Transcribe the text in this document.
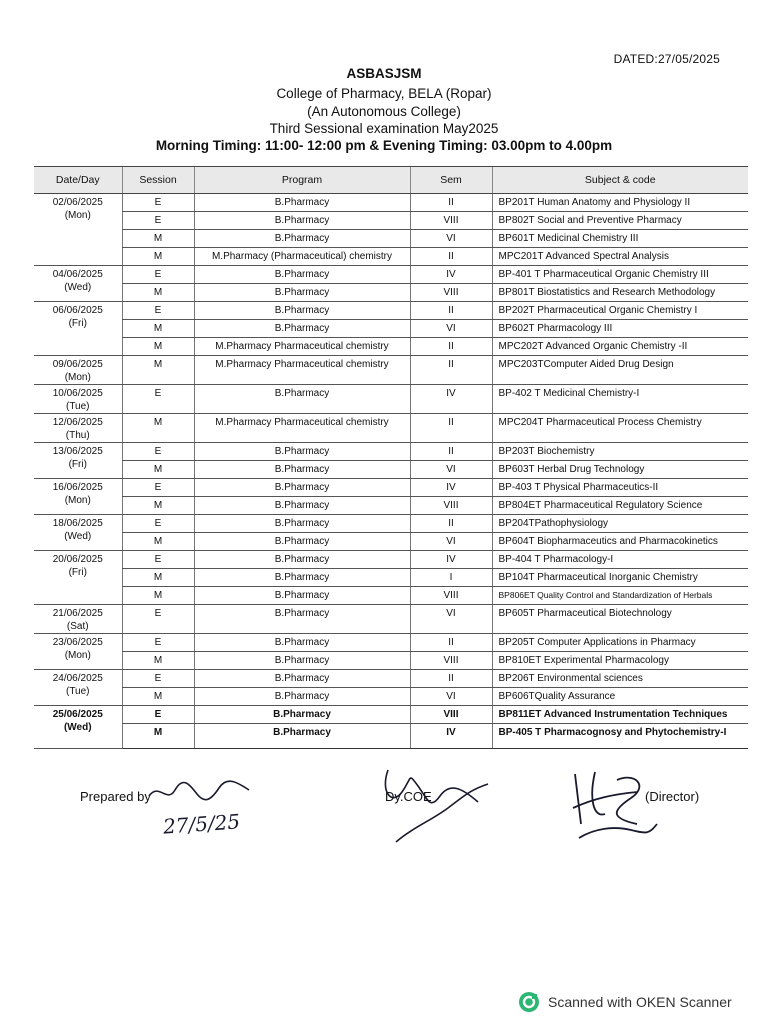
DATED:27/05/2025
ASBASJSM
College of Pharmacy, BELA (Ropar)
(An Autonomous College)
Third Sessional examination May2025
Morning Timing: 11:00- 12:00 pm & Evening Timing: 03.00pm to 4.00pm
Date/Day	Session	Program	Sem	Subject & code

02/06/2025
(Mon)	E	B.Pharmacy	II	BP201T Human Anatomy and Physiology II
	E	B.Pharmacy	VIII	BP802T Social and Preventive Pharmacy
	M	B.Pharmacy	VI	BP601T Medicinal Chemistry III
	M	M.Pharmacy (Pharmaceutical) chemistry	II	MPC201T Advanced Spectral Analysis

04/06/2025
(Wed)	E	B.Pharmacy	IV	BP-401 T Pharmaceutical Organic Chemistry III
	M	B.Pharmacy	VIII	BP801T Biostatistics and Research Methodology

06/06/2025
(Fri)	E	B.Pharmacy	II	BP202T Pharmaceutical Organic Chemistry I
	M	B.Pharmacy	VI	BP602T Pharmacology III
	M	M.Pharmacy Pharmaceutical chemistry	II	MPC202T Advanced Organic Chemistry -II

09/06/2025
(Mon)	M	M.Pharmacy Pharmaceutical chemistry	II	MPC203TComputer Aided Drug Design

10/06/2025
(Tue)	E	B.Pharmacy	IV	BP-402 T Medicinal Chemistry-I

12/06/2025
(Thu)	M	M.Pharmacy Pharmaceutical chemistry	II	MPC204T Pharmaceutical Process Chemistry

13/06/2025
(Fri)	E	B.Pharmacy	II	BP203T Biochemistry
	M	B.Pharmacy	VI	BP603T Herbal Drug Technology

16/06/2025
(Mon)	E	B.Pharmacy	IV	BP-403 T Physical Pharmaceutics-II
	M	B.Pharmacy	VIII	BP804ET Pharmaceutical Regulatory Science

18/06/2025
(Wed)	E	B.Pharmacy	II	BP204TPathophysiology
	M	B.Pharmacy	VI	BP604T Biopharmaceutics and Pharmacokinetics

20/06/2025
(Fri)	E	B.Pharmacy	IV	BP-404 T Pharmacology-I
	M	B.Pharmacy	I	BP104T Pharmaceutical Inorganic Chemistry
	M	B.Pharmacy	VIII	BP806ET Quality Control and Standardization of Herbals

21/06/2025
(Sat)	E	B.Pharmacy	VI	BP605T Pharmaceutical Biotechnology

23/06/2025
(Mon)	E	B.Pharmacy	II	BP205T Computer Applications in Pharmacy
	M	B.Pharmacy	VIII	BP810ET Experimental Pharmacology

24/06/2025
(Tue)	E	B.Pharmacy	II	BP206T Environmental sciences
	M	B.Pharmacy	VI	BP606TQuality Assurance

25/06/2025
(Wed)	E	B.Pharmacy	VIII	BP811ET Advanced Instrumentation Techniques
	M	B.Pharmacy	IV	BP-405 T Pharmacognosy and Phytochemistry-I
Prepared by
27/5/25
Dy.COE	(Director)
Scanned with OKEN Scanner
